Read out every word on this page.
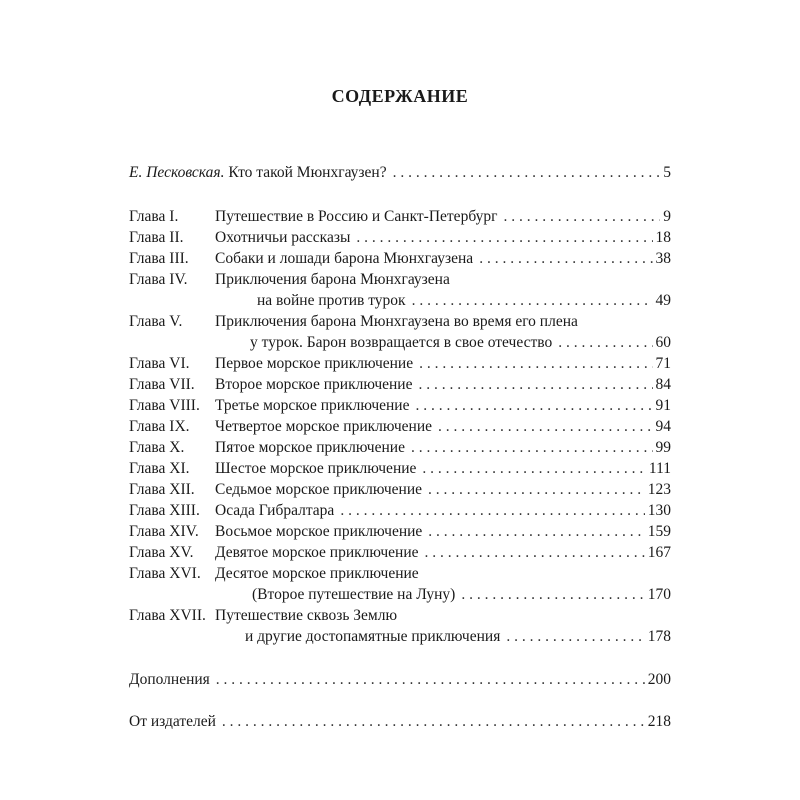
СОДЕРЖАНИЕ
Е. Песковская.
Кто такой Мюнхгаузен? . . .	5
Глава I.	Путешествие в Россию и Санкт-Петербург . . .	9
Глава II.	Охотничьи рассказы . . .	18
Глава III.	Собаки и лошади барона Мюнхгаузена . . .	38
Глава IV.	Приключения барона Мюнхгаузена
на войне против турок . . .	49
Глава V.	Приключения барона Мюнхгаузена во время его плена
у турок. Барон возвращается в свое отечество . . .	60
Глава VI.	Первое морское приключение . . .	71
Глава VII.	Второе морское приключение . . .	84
Глава VIII. Третье морское приключение . . .	91
Глава IX.	Четвертое морское приключение . . .	94
Глава X.	Пятое морское приключение . . .	99
Глава XI.	Шестое морское приключение . . .	111
Глава XII.	Седьмое морское приключение . . .	123
Глава XIII. Осада Гибралтара . . .	130
Глава XIV.	Восьмое морское приключение . . .	159
Глава XV.	Девятое морское приключение . . .	167
Глава XVI. Десятое морское приключение
(Второе путешествие на Луну) . . .	170
Глава XVII. Путешествие сквозь Землю
и другие достопамятные приключения . . .	178
Дополнения . . .	200
От издателей . . .	218
